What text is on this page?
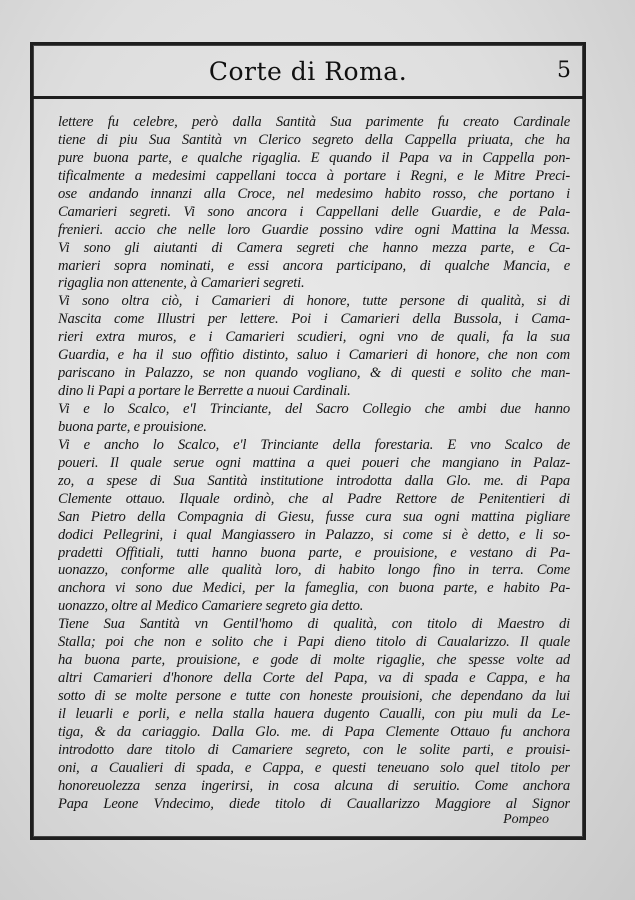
Corte di Roma.	5
lettere fu celebre, però dalla Santità Sua parimente fu creato Cardinale
tiene di piu Sua Santità vn Clerico segreto della Cappella priuata, che ha
pure buona parte, e qualche rigaglia. E quando il Papa va in Cappella pon-
tificalmente a medesimi cappellani tocca à portare i Regni, e le Mitre Preci-
ose andando innanzi alla Croce, nel medesimo habito rosso, che portano i
Camarieri segreti. Vi sono ancora i Cappellani delle Guardie, e de Pala-
frenieri. accio che nelle loro Guardie possino vdire ogni Mattina la Messa.
Vi sono gli aiutanti di Camera segreti che hanno mezza parte, e Ca-
marieri sopra nominati, e essi ancora participano, di qualche Mancia, e
rigaglia non attenente, à Camarieri segreti.
Vi sono oltra ciò, i Camarieri di honore, tutte persone di qualità, si di
Nascita come Illustri per lettere. Poi i Camarieri della Bussola, i Cama-
rieri extra muros, e i Camarieri scudieri, ogni vno de quali, fa la sua
Guardia, e ha il suo offitio distinto, saluo i Camarieri di honore, che non com
pariscano in Palazzo, se non quando vogliano, & di questi e solito che man-
dino li Papi a portare le Berrette a nuoui Cardinali.
Vi e lo Scalco, e'l Trinciante, del Sacro Collegio che ambi due hanno
buona parte, e prouisione.
Vi e ancho lo Scalco, e'l Trinciante della forestaria. E vno Scalco de
poueri. Il quale serue ogni mattina a quei poueri che mangiano in Palaz-
zo, a spese di Sua Santità institutione introdotta dalla Glo. me. di Papa
Clemente ottauo. Ilquale ordinò, che al Padre Rettore de Penitentieri di
San Pietro della Compagnia di Giesu, fusse cura sua ogni mattina pigliare
dodici Pellegrini, i qual Mangiassero in Palazzo, si come si è detto, e li so-
pradetti Offitiali, tutti hanno buona parte, e prouisione, e vestano di Pa-
uonazzo, conforme alle qualità loro, di habito longo fino in terra. Come
anchora vi sono due Medici, per la fameglia, con buona parte, e habito Pa-
uonazzo, oltre al Medico Camariere segreto gia detto.
Tiene Sua Santità vn Gentil'homo di qualità, con titolo di Maestro di
Stalla; poi che non e solito che i Papi dieno titolo di Caualarizzo. Il quale
ha buona parte, prouisione, e gode di molte rigaglie, che spesse volte ad
altri Camarieri d'honore della Corte del Papa, va di spada e Cappa, e ha
sotto di se molte persone e tutte con honeste prouisioni, che dependano da lui
il leuarli e porli, e nella stalla hauera dugento Caualli, con piu muli da Le-
tiga, & da cariaggio. Dalla Glo. me. di Papa Clemente Ottauo fu anchora
introdotto dare titolo di Camariere segreto, con le solite parti, e prouisi-
oni, a Caualieri di spada, e Cappa, e questi teneuano solo quel titolo per
honoreuolezza senza ingerirsi, in cosa alcuna di seruitio. Come anchora
Papa Leone Vndecimo, diede titolo di Cauallarizzo Maggiore al Signor
Pompeo
